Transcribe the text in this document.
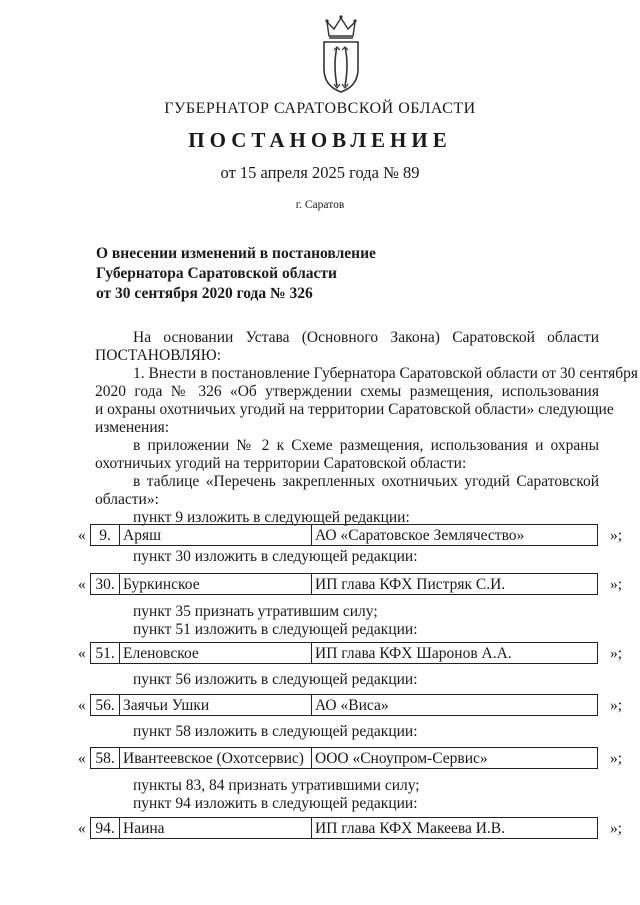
ГУБЕРНАТОР САРАТОВСКОЙ ОБЛАСТИ
ПОСТАНОВЛЕНИЕ
от 15 апреля 2025 года № 89
г. Саратов
О внесении изменений в постановление
Губернатора Саратовской области
от 30 сентября 2020 года № 326
На основании Устава (Основного Закона) Саратовской области
ПОСТАНОВЛЯЮ:
1. Внести в постановление Губернатора Саратовской области от 30 сентября
2020 года № 326 «Об утверждении схемы размещения, использования
и охраны охотничьих угодий на территории Саратовской области» следующие
изменения:
в приложении № 2 к Схеме размещения, использования и охраны
охотничьих угодий на территории Саратовской области:
в таблице «Перечень закрепленных охотничьих угодий Саратовской
области»:
пункт 9 изложить в следующей редакции:
« 9.	Аряш	АО «Саратовское Землячество»	»;
пункт 30 изложить в следующей редакции:
« 30.	Буркинское	ИП глава КФХ Пистряк С.И.	»;
пункт 35 признать утратившим силу;
пункт 51 изложить в следующей редакции:
« 51.	Еленовское	ИП глава КФХ Шаронов А.А.	»;
пункт 56 изложить в следующей редакции:
« 56.	Заячьи Ушки	АО «Виса»	»;
пункт 58 изложить в следующей редакции:
« 58.	Ивантеевское (Охотсервис)	ООО «Сноупром-Сервис»	»;
пункты 83, 84 признать утратившими силу;
пункт 94 изложить в следующей редакции:
« 94.	Наина	ИП глава КФХ Макеева И.В.	»;
